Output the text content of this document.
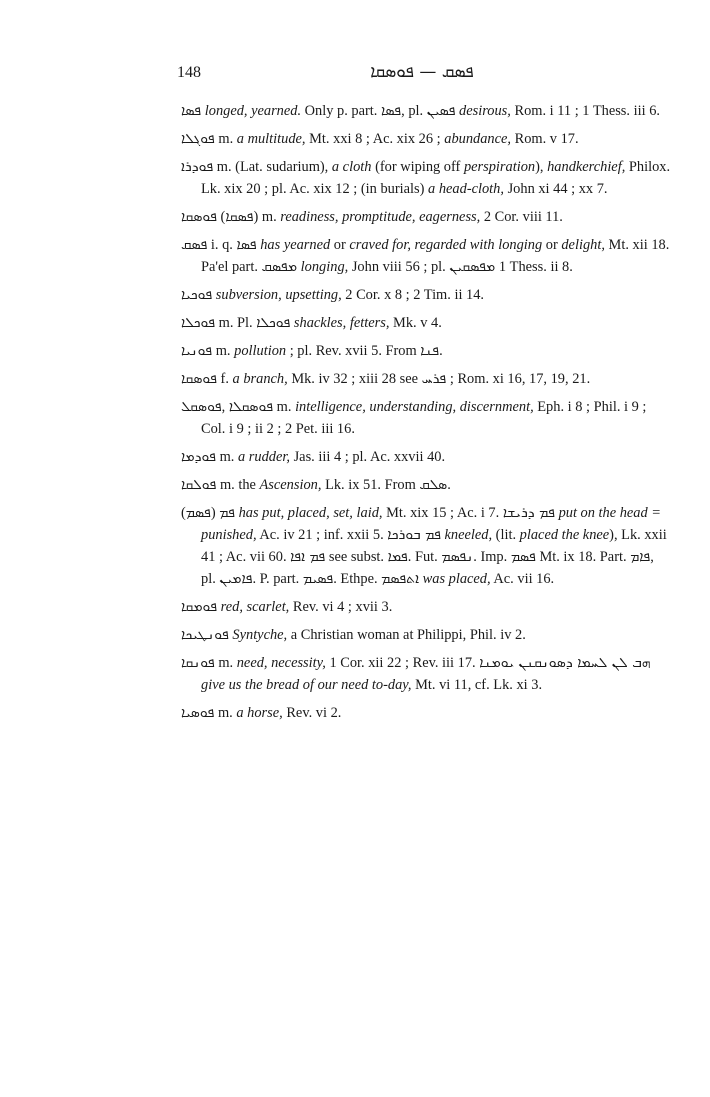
148	ܦܣܩ — ܦܘܣܩܐ
ܦܣܐ longed, yearned. Only p. part. ܦܣܐ, pl. ܦܣܝܢ desirous, Rom. i 11 ; 1 Thess. iii 6.
ܦܘܓܠܐ m. a multitude, Mt. xxi 8 ; Ac. xix 26 ; abundance, Rom. v 17.
ܦܘܕܪܐ m. (Lat. sudarium), a cloth (for wiping off perspiration), handkerchief, Philox. Lk. xix 20 ; pl. Ac. xix 12 ; (in burials) a head-cloth, John xi 44 ; xx 7.
ܦܘܣܩܐ (ܦܣܩܐ) m. readiness, promptitude, eagerness, 2 Cor. viii 11.
ܦܣܩ i. q. ܦܣܐ has yearned or craved for, regarded with longing or delight, Mt. xii 18. Pa'el part. ܡܦܣܩ longing, John viii 56 ; pl. ܡܦܣܩܝܢ 1 Thess. ii 8.
ܦܘܟܝܐ subversion, upsetting, 2 Cor. x 8 ; 2 Tim. ii 14.
ܦܘܟܠܐ m. Pl. ܦܘܟܠܐ shackles, fetters, Mk. v 4.
ܦܘܢܝܐ m. pollution ; pl. Rev. xvii 5. From ܦܢܐ.
ܦܘܣܩܐ f. a branch, Mk. iv 32 ; xiii 28 see ܦܪܚ ; Rom. xi 16, 17, 19, 21.
ܦܘܣܩܠ, ܦܘܣܩܠܐ m. intelligence, understanding, discernment, Eph. i 8 ; Phil. i 9 ; Col. i 9 ; ii 2 ; 2 Pet. iii 16.
ܦܘܕܡܐ m. a rudder, Jas. iii 4 ; pl. Ac. xxvii 40.
ܦܘܠܩܐ m. the Ascension, Lk. ix 51. From ܣܠܩ.
(ܦܣܡ) ܦܡ has put, placed, set, laid, Mt. xix 15 ; Ac. i 7. ܦܡ ܕܪܝܫܐ put on the head = punished, Ac. iv 21 ; inf. xxii 5. ܦܡ ܒܘܪܟܐ kneeled, (lit. placed the knee), Lk. xxii 41 ; Ac. vii 60. ܦܡ ܐܦܐ see subst. ܦܡܐ. Fut. ܢܦܣܡ. Imp. ܦܣܡ Mt. ix 18. Part. ܦܐܡ, pl. ܦܐܡܝܢ. P. part. ܦܣܝܡ. Ethpe. ܐܬܦܣܡ was placed, Ac. vii 16.
ܦܘܡܩܐ red, scarlet, Rev. vi 4 ; xvii 3.
ܦܘܢܛܝܟܐ Syntyche, a Christian woman at Philippi, Phil. iv 2.
ܦܘܢܩܐ m. need, necessity, 1 Cor. xii 22 ; Rev. iii 17. ܗܒ ܠܢ ܠܚܡܐ ܕܣܘܢܩܢܢ ܝܘܡܢܐ give us the bread of our need to-day, Mt. vi 11, cf. Lk. xi 3.
ܦܘܣܝܐ m. a horse, Rev. vi 2.
